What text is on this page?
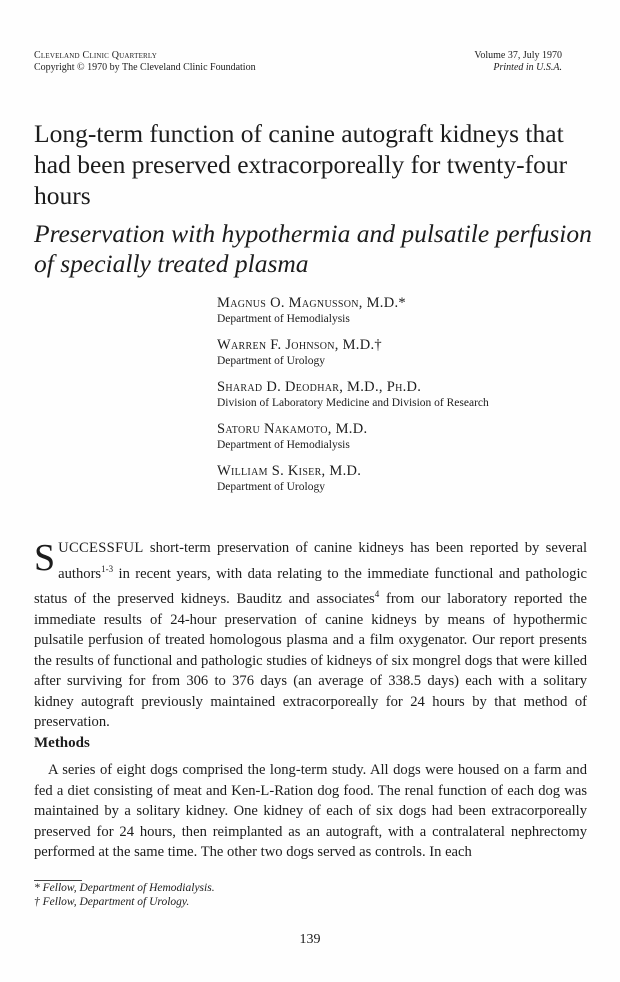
Cleveland Clinic Quarterly
Copyright © 1970 by The Cleveland Clinic Foundation
Volume 37, July 1970
Printed in U.S.A.
Long-term function of canine autograft kidneys that had been preserved extracorporeally for twenty-four hours
Preservation with hypothermia and pulsatile perfusion of specially treated plasma
Magnus O. Magnusson, M.D.*
Department of Hemodialysis
Warren F. Johnson, M.D.†
Department of Urology
Sharad D. Deodhar, M.D., Ph.D.
Division of Laboratory Medicine and Division of Research
Satoru Nakamoto, M.D.
Department of Hemodialysis
William S. Kiser, M.D.
Department of Urology
SUCCESSFUL short-term preservation of canine kidneys has been reported by several authors$^{1-3}$ in recent years, with data relating to the immediate functional and pathologic status of the preserved kidneys. Bauditz and associates$^4$ from our laboratory reported the immediate results of 24-hour preservation of canine kidneys by means of hypothermic pulsatile perfusion of treated homologous plasma and a film oxygenator. Our report presents the results of functional and pathologic studies of kidneys of six mongrel dogs that were killed after surviving for from 306 to 376 days (an average of 338.5 days) each with a solitary kidney autograft previously maintained extracorporeally for 24 hours by that method of preservation.
Methods
A series of eight dogs comprised the long-term study. All dogs were housed on a farm and fed a diet consisting of meat and Ken-L-Ration dog food. The renal function of each dog was maintained by a solitary kidney. One kidney of each of six dogs had been extracorporeally preserved for 24 hours, then reimplanted as an autograft, with a contralateral nephrectomy performed at the same time. The other two dogs served as controls. In each
* Fellow, Department of Hemodialysis.
† Fellow, Department of Urology.
139
